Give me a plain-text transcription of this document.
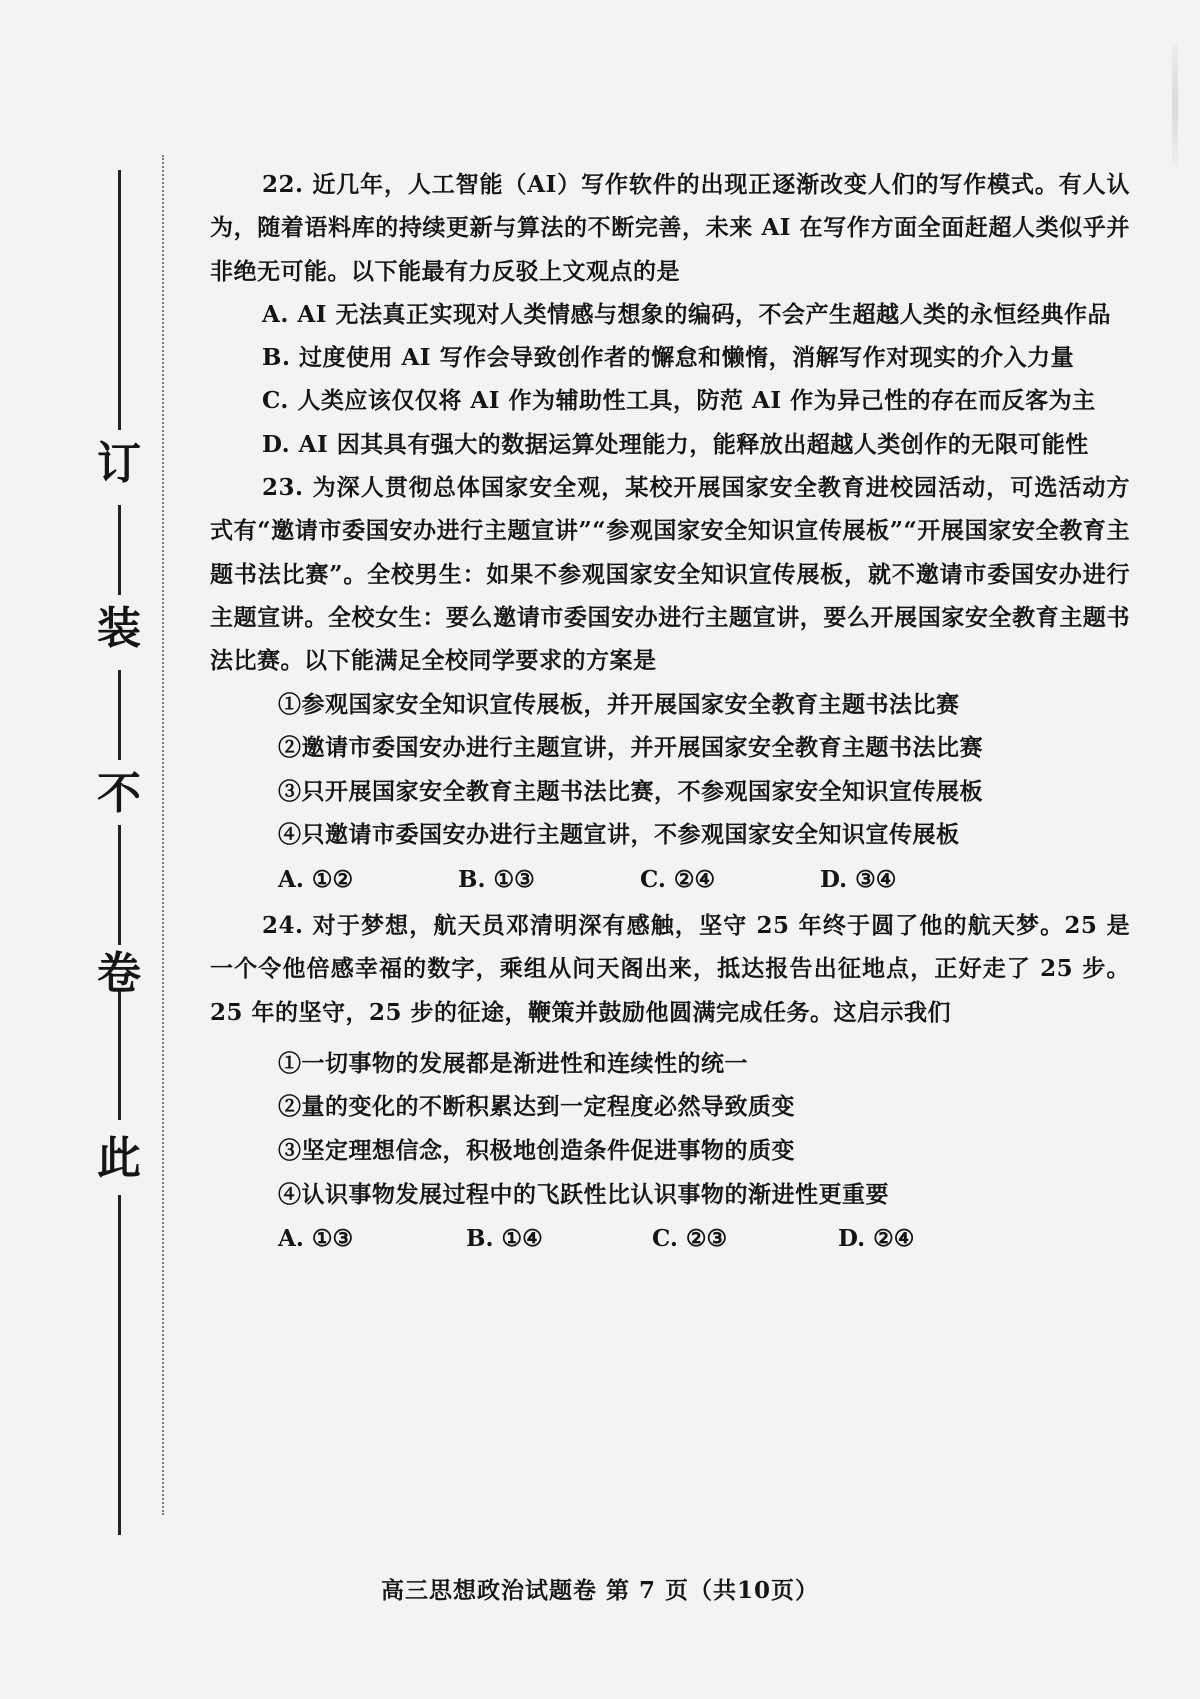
此
卷
不
装
订

22. 近几年，人工智能（AI）写作软件的出现正逐渐改变人们的写作模式。有人认为，随着语料库的持续更新与算法的不断完善，未来 AI 在写作方面全面赶超人类似乎并非绝无可能。以下能最有力反驳上文观点的是

A. AI 无法真正实现对人类情感与想象的编码，不会产生超越人类的永恒经典作品

B. 过度使用 AI 写作会导致创作者的懈怠和懒惰，消解写作对现实的介入力量

C. 人类应该仅仅将 AI 作为辅助性工具，防范 AI 作为异己性的存在而反客为主

D. AI 因其具有强大的数据运算处理能力，能释放出超越人类创作的无限可能性

23. 为深人贯彻总体国家安全观，某校开展国家安全教育进校园活动，可选活动方式有“邀请市委国安办进行主题宣讲”“参观国家安全知识宣传展板”“开展国家安全教育主题书法比赛”。全校男生：如果不参观国家安全知识宣传展板，就不邀请市委国安办进行主题宣讲。全校女生：要么邀请市委国安办进行主题宣讲，要么开展国家安全教育主题书法比赛。以下能满足全校同学要求的方案是

①参观国家安全知识宣传展板，并开展国家安全教育主题书法比赛

②邀请市委国安办进行主题宣讲，并开展国家安全教育主题书法比赛

③只开展国家安全教育主题书法比赛，不参观国家安全知识宣传展板

④只邀请市委国安办进行主题宣讲，不参观国家安全知识宣传展板

A. ①②	B. ①③	C. ②④	D. ③④

24. 对于梦想，航天员邓清明深有感触，坚守 25 年终于圆了他的航天梦。25 是一个令他倍感幸福的数字，乘组从问天阁出来，抵达报告出征地点，正好走了 25 步。25 年的坚守，25 步的征途，鞭策并鼓励他圆满完成任务。这启示我们

①一切事物的发展都是渐进性和连续性的统一

②量的变化的不断积累达到一定程度必然导致质变

③坚定理想信念，积极地创造条件促进事物的质变

④认识事物发展过程中的飞跃性比认识事物的渐进性更重要

A. ①③	B. ①④	C. ②③	D. ②④
高三思想政治试题卷 第 7 页（共10页）
